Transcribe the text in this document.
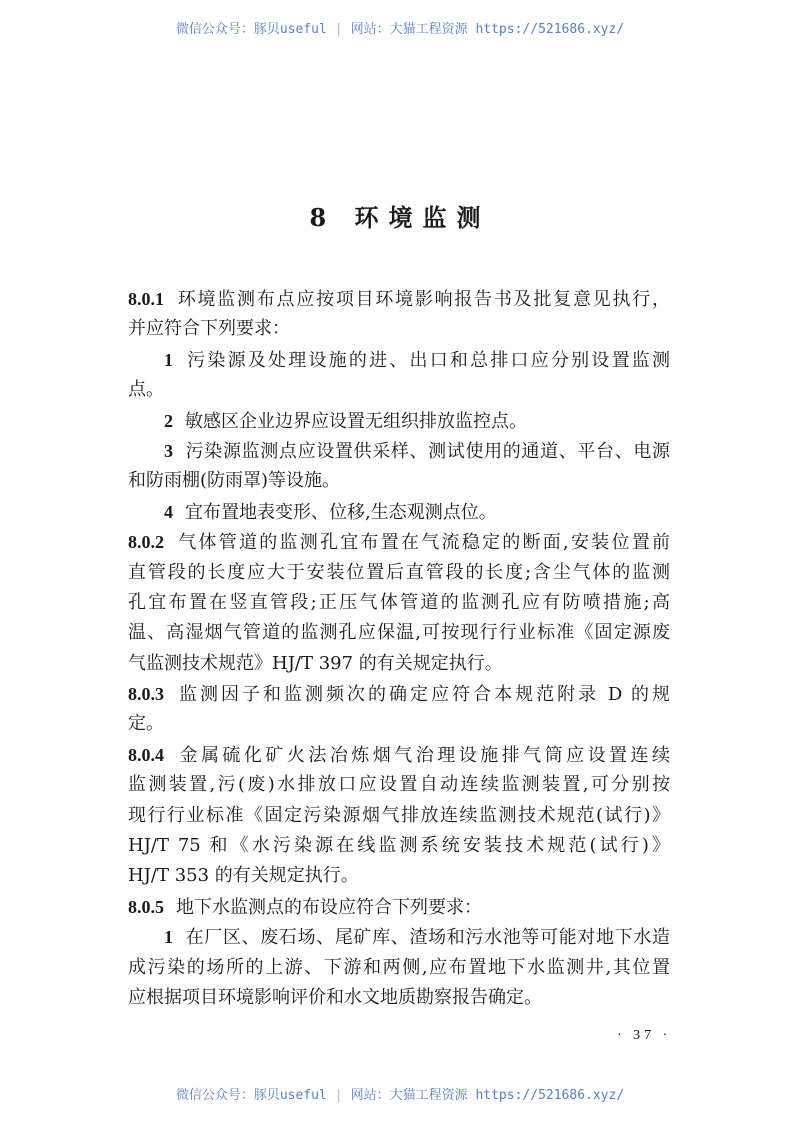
微信公众号：豚贝useful | 网站：大猫工程资源 https://521686.xyz/
8 环境监测
8.0.1 环境监测布点应按项目环境影响报告书及批复意见执行，
并应符合下列要求：
1 污染源及处理设施的进、出口和总排口应分别设置监测
点。
2 敏感区企业边界应设置无组织排放监控点。
3 污染源监测点应设置供采样、测试使用的通道、平台、电源
和防雨棚(防雨罩)等设施。
4 宜布置地表变形、位移,生态观测点位。
8.0.2 气体管道的监测孔宜布置在气流稳定的断面,安装位置前
直管段的长度应大于安装位置后直管段的长度;含尘气体的监测
孔宜布置在竖直管段;正压气体管道的监测孔应有防喷措施;高
温、高湿烟气管道的监测孔应保温,可按现行行业标准《固定源废
气监测技术规范》HJ/T 397 的有关规定执行。
8.0.3 监测因子和监测频次的确定应符合本规范附录 D 的规
定。
8.0.4 金属硫化矿火法冶炼烟气治理设施排气筒应设置连续
监测装置,污(废)水排放口应设置自动连续监测装置,可分别按
现行行业标准《固定污染源烟气排放连续监测技术规范(试行)》
HJ/T 75 和《水污染源在线监测系统安装技术规范(试行)》
HJ/T 353 的有关规定执行。
8.0.5 地下水监测点的布设应符合下列要求：
1 在厂区、废石场、尾矿库、渣场和污水池等可能对地下水造
成污染的场所的上游、下游和两侧,应布置地下水监测井,其位置
应根据项目环境影响评价和水文地质勘察报告确定。
· 37 ·
微信公众号：豚贝useful | 网站：大猫工程资源 https://521686.xyz/
